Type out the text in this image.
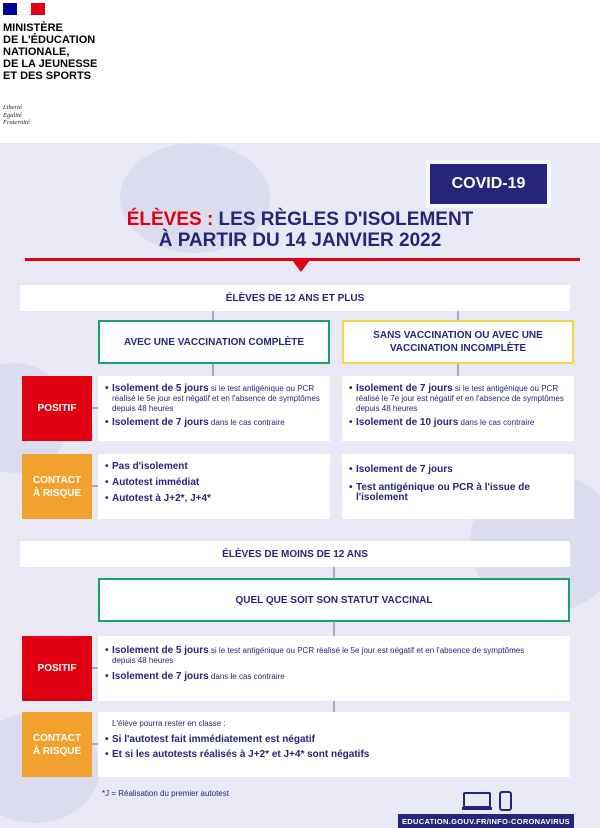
MINISTÈRE
DE L'ÉDUCATION
NATIONALE,
DE LA JEUNESSE
ET DES SPORTS
Liberté
Égalité
Fraternité
COVID-19
ÉLÈVES : LES RÈGLES D'ISOLEMENT
À PARTIR DU 14 JANVIER 2022
ÉLÈVES DE 12 ANS ET PLUS
AVEC UNE VACCINATION COMPLÈTE
SANS VACCINATION OU AVEC UNE VACCINATION INCOMPLÈTE
POSITIF
• Isolement de 5 jours si le test antigénique ou PCR réalisé le 5e jour est négatif et en l'absence de symptômes depuis 48 heures
• Isolement de 7 jours dans le cas contraire
• Isolement de 7 jours si le test antigénique ou PCR réalisé le 7e jour est négatif et en l'absence de symptômes depuis 48 heures
• Isolement de 10 jours dans le cas contraire
CONTACT À RISQUE
• Pas d'isolement
• Autotest immédiat
• Autotest à J+2*, J+4*
• Isolement de 7 jours
• Test antigénique ou PCR à l'issue de l'isolement
ÉLÈVES DE MOINS DE 12 ANS
QUEL QUE SOIT SON STATUT VACCINAL
POSITIF
• Isolement de 5 jours si le test antigénique ou PCR réalisé le 5e jour est négatif et en l'absence de symptômes depuis 48 heures
• Isolement de 7 jours dans le cas contraire
CONTACT À RISQUE
L'élève pourra rester en classe :
• Si l'autotest fait immédiatement est négatif
• Et si les autotests réalisés à J+2* et J+4* sont négatifs
*J = Réalisation du premier autotest
EDUCATION.GOUV.FR/INFO-CORONAVIRUS
